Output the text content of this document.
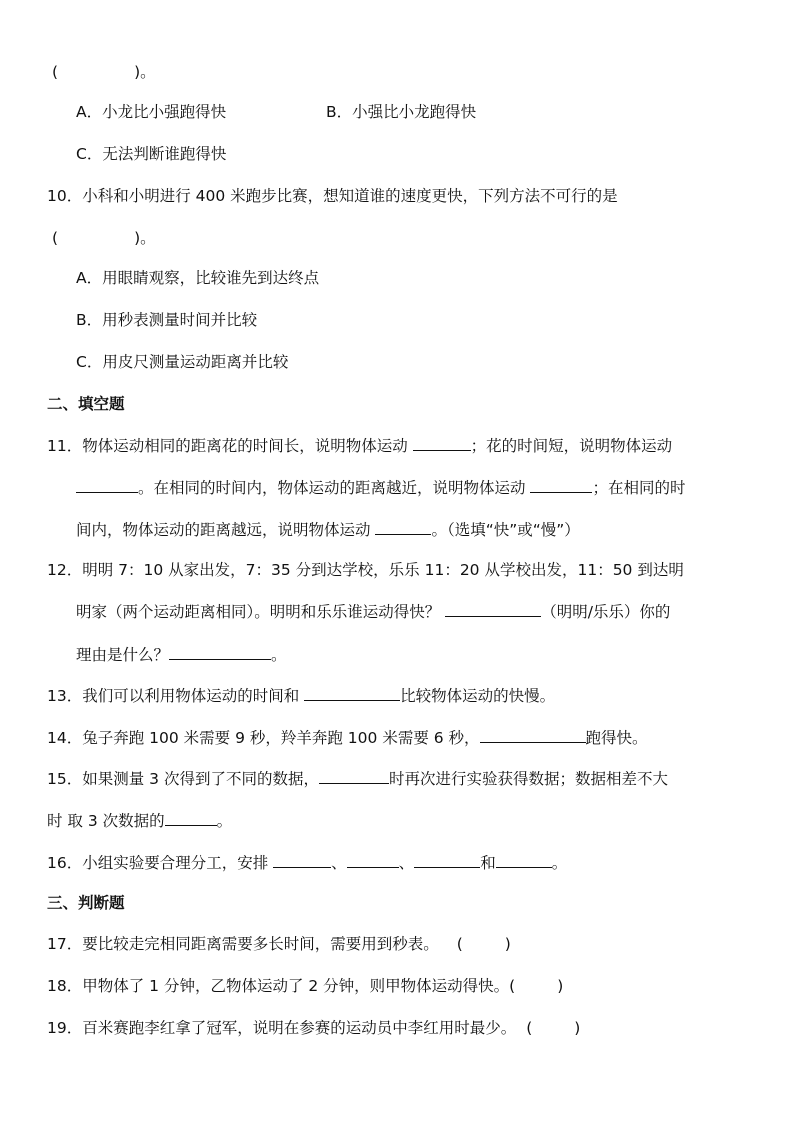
(	)。
A．小龙比小强跑得快	B．小强比小龙跑得快
C．无法判断谁跑得快
10．小科和小明进行 400 米跑步比赛，想知道谁的速度更快，下列方法不可行的是
(	)。
A．用眼睛观察，比较谁先到达终点
B．用秒表测量时间并比较
C．用皮尺测量运动距离并比较
二、填空题
11．物体运动相同的距离花的时间长，说明物体运动	；花的时间短，说明物体运动
。在相同的时间内，物体运动的距离越近，说明物体运动	；在相同的时
间内，物体运动的距离越远，说明物体运动	。（选填“快”或“慢”）
12．明明 7：10 从家出发，7：35 分到达学校，乐乐 11：20 从学校出发，11：50 到达明
明家（两个运动距离相同）。明明和乐乐谁运动得快？	（明明/乐乐）你的
理由是什么？	。
13．我们可以利用物体运动的时间和	比较物体运动的快慢。
14．兔子奔跑 100 米需要 9 秒，羚羊奔跑 100 米需要 6 秒，	跑得快。
15．如果测量 3 次得到了不同的数据，	时再次进行实验获得数据；数据相差不大
时 取 3 次数据的	。
16．小组实验要合理分工，安排	、	、	和	。
三、判断题
17．要比较走完相同距离需要多长时间，需要用到秒表。 (	)
18．甲物体了 1 分钟，乙物体运动了 2 分钟，则甲物体运动得快。(	)
19．百米赛跑李红拿了冠军，说明在参赛的运动员中李红用时最少。 (	)
